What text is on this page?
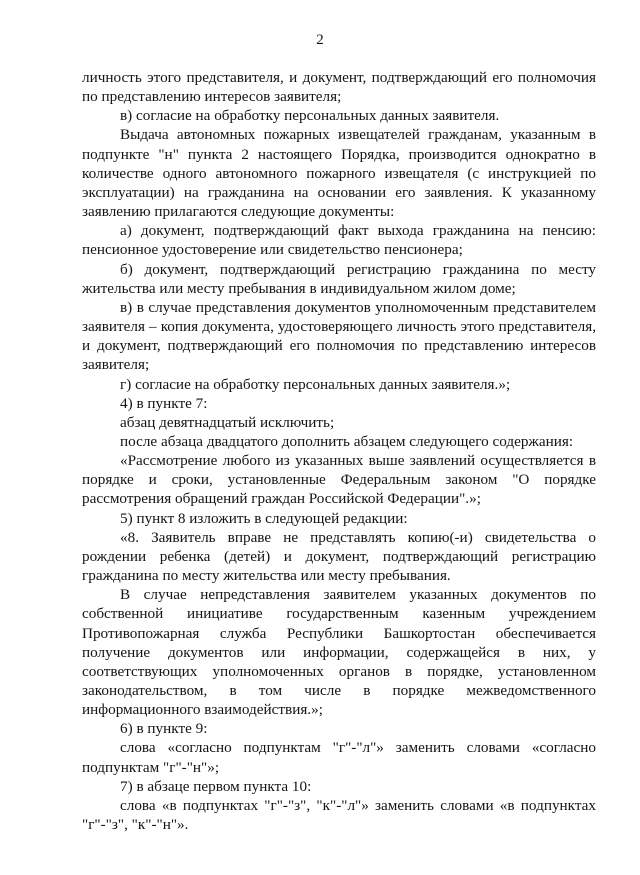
2

личность этого представителя, и документ, подтверждающий его полномочия по представлению интересов заявителя;

в) согласие на обработку персональных данных заявителя.

Выдача автономных пожарных извещателей гражданам, указанным в подпункте "н" пункта 2 настоящего Порядка, производится однократно в количестве одного автономного пожарного извещателя (с инструкцией по эксплуатации) на гражданина на основании его заявления. К указанному заявлению прилагаются следующие документы:

а) документ, подтверждающий факт выхода гражданина на пенсию: пенсионное удостоверение или свидетельство пенсионера;

б) документ, подтверждающий регистрацию гражданина по месту жительства или месту пребывания в индивидуальном жилом доме;

в) в случае представления документов уполномоченным представителем заявителя – копия документа, удостоверяющего личность этого представителя, и документ, подтверждающий его полномочия по представлению интересов заявителя;

г) согласие на обработку персональных данных заявителя.»;

4) в пункте 7:

абзац девятнадцатый исключить;

после абзаца двадцатого дополнить абзацем следующего содержания:

«Рассмотрение любого из указанных выше заявлений осуществляется в порядке и сроки, установленные Федеральным законом "О порядке рассмотрения обращений граждан Российской Федерации".»;

5) пункт 8 изложить в следующей редакции:

«8. Заявитель вправе не представлять копию(-и) свидетельства о рождении ребенка (детей) и документ, подтверждающий регистрацию гражданина по месту жительства или месту пребывания.

В случае непредставления заявителем указанных документов по собственной инициативе государственным казенным учреждением Противопожарная служба Республики Башкортостан обеспечивается получение документов или информации, содержащейся в них, у соответствующих уполномоченных органов в порядке, установленном законодательством, в том числе в порядке межведомственного информационного взаимодействия.»;

6) в пункте 9:

слова «согласно подпунктам "г"-"л"» заменить словами «согласно подпунктам "г"-"н"»;

7) в абзаце первом пункта 10:

слова «в подпунктах "г"-"з", "к"-"л"» заменить словами «в подпунктах "г"-"з", "к"-"н"».
